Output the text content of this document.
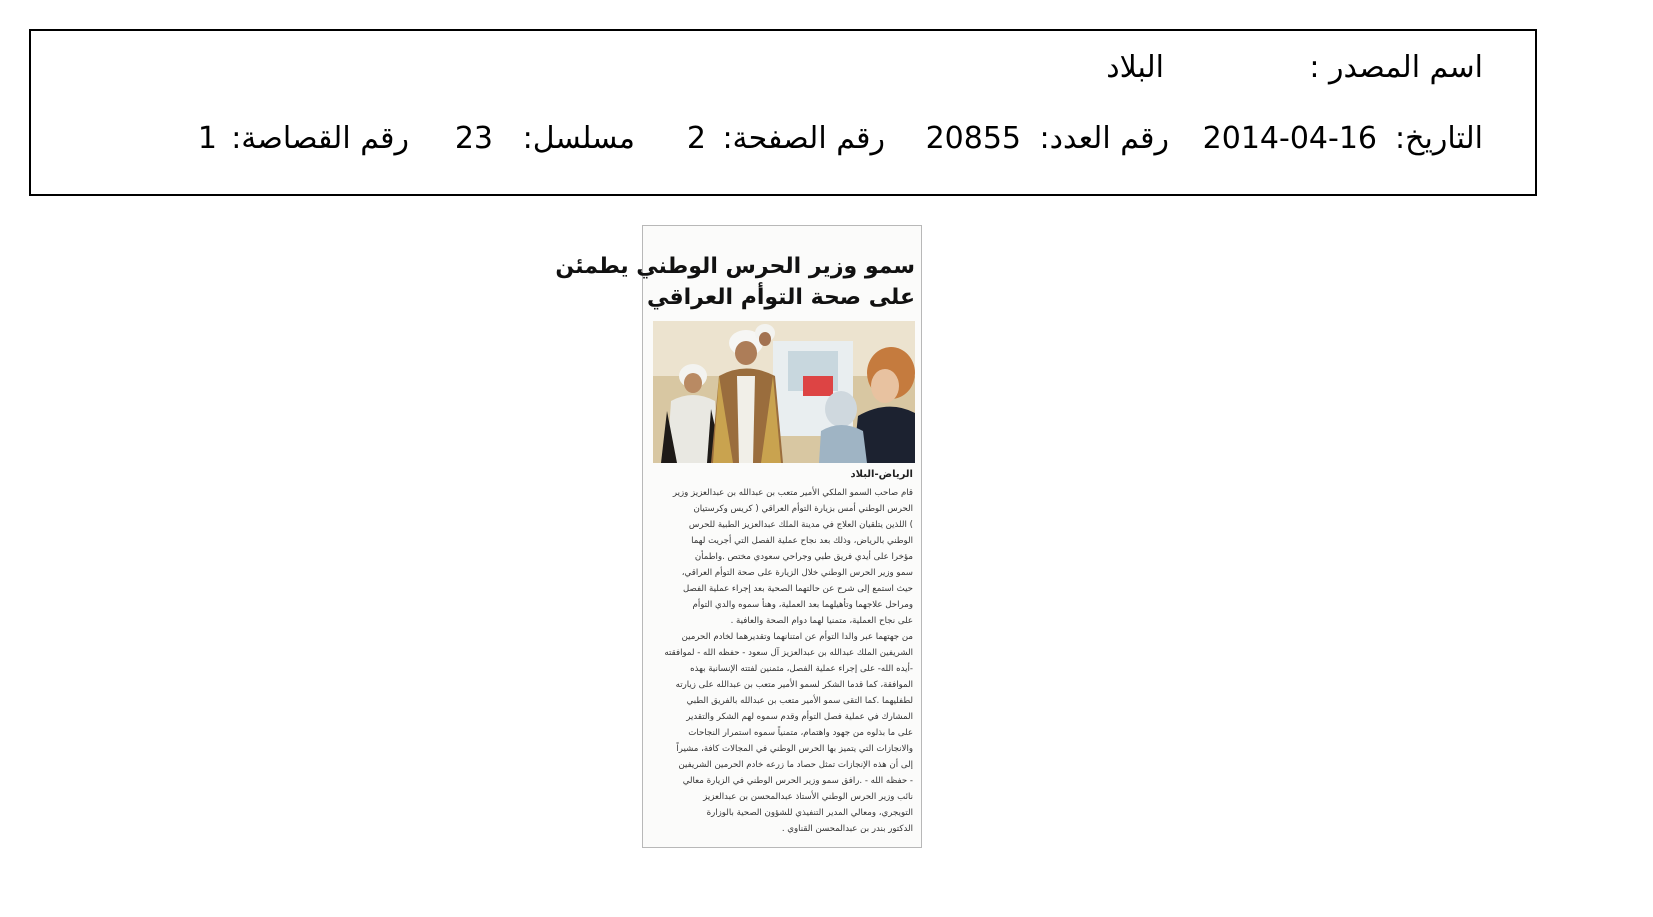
اسم المصدر :
البلاد
التاريخ:
2014-04-16
رقم العدد:
20855
رقم الصفحة:
2
مسلسل:
23
رقم القصاصة:
1
سمو وزير الحرس الوطني يطمئن
على صحة التوأم العراقي
الرياض-البلاد
قام صاحب السمو الملكي الأمير متعب بن عبدالله بن عبدالعزيز وزير
الحرس الوطني أمس بزيارة التوأم العراقي ( كريس وكرستيان
) اللذين يتلقيان العلاج في مدينة الملك عبدالعزيز الطبية للحرس
الوطني بالرياض، وذلك بعد نجاح عملية الفصل التي أجريت لهما
مؤخرا على أيدي فريق طبي وجراحي سعودي مختص .واطمأن
سمو وزير الحرس الوطني خلال الزيارة على صحة التوأم العراقي،
حيث استمع إلى شرح عن حالتهما الصحية بعد إجراء عملية الفصل
ومراحل علاجهما وتأهيلهما بعد العملية، وهنأ سموه والدي التوأم
على نجاح العملية، متمنيا لهما دوام الصحة والعافية .
من جهتهما عبر والدا التوأم عن امتنانهما وتقديرهما لخادم الحرمين
الشريفين الملك عبدالله بن عبدالعزيز آل سعود - حفظه الله - لموافقته
-أيده الله- على إجراء عملية الفصل، مثمنين لفتته الإنسانية بهذه
الموافقة، كما قدما الشكر لسمو الأمير متعب بن عبدالله على زيارته
لطفليهما .كما التقى سمو الأمير متعب بن عبدالله بالفريق الطبي
المشارك في عملية فصل التوأم وقدم سموه لهم الشكر والتقدير
على ما بذلوه من جهود واهتمام، متمنياً سموه استمرار النجاحات
والانجازات التي يتميز بها الحرس الوطني في المجالات كافة، مشيراً
إلى أن هذه الإنجازات تمثل حصاد ما زرعه خادم الحرمين الشريفين
- حفظه الله - .رافق سمو وزير الحرس الوطني في الزيارة معالي
نائب وزير الحرس الوطني الأستاذ عبدالمحسن بن عبدالعزيز
التويجري، ومعالي المدير التنفيذي للشؤون الصحية بالوزارة
الدكتور بندر بن عبدالمحسن القناوي .
